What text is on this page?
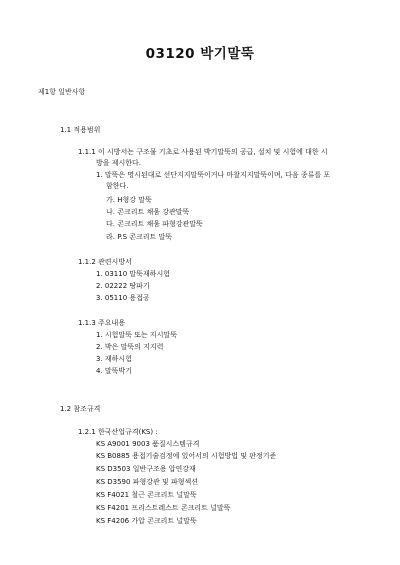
03120 박기말뚝
제1항 일반사항
1.1 적용범위
1.1.1 이 시방서는 구조물 기초로 사용된 박기말뚝의 공급, 설치 및 시험에 대한 시
방을 제시한다.
1. 말뚝은 명시된대로 선단지지말뚝이거나 마찰지지말뚝이며, 다음 종류를 포
함한다.
가. H형강 말뚝
나. 콘크리트 채움 강관말뚝
다. 콘크리트 채움 파형강관말뚝
라. P.S 콘크리트 말뚝
1.1.2 관련시방서
1. 03110 말뚝재하시험
2. 02222 땅파기
3. 05110 용접공
1.1.3 주요내용
1. 시험말뚝 또는 지시말뚝
2. 박은 말뚝의 지지력
3. 재하시험
4. 말뚝박기
1.2 참조규격
1.2.1 한국산업규격(KS) :
KS A9001 9003 품질시스템규격
KS B0885 용접기술검정에 있어서의 시험방법 및 판정기준
KS D3503 일반구조용 압연강재
KS D3590 파형강관 및 파형섹션
KS F4021 철근 콘크리트 널말뚝
KS F4201 프리스트레스트 콘크리트 널말뚝
KS F4206 가압 콘크리트 널말뚝
